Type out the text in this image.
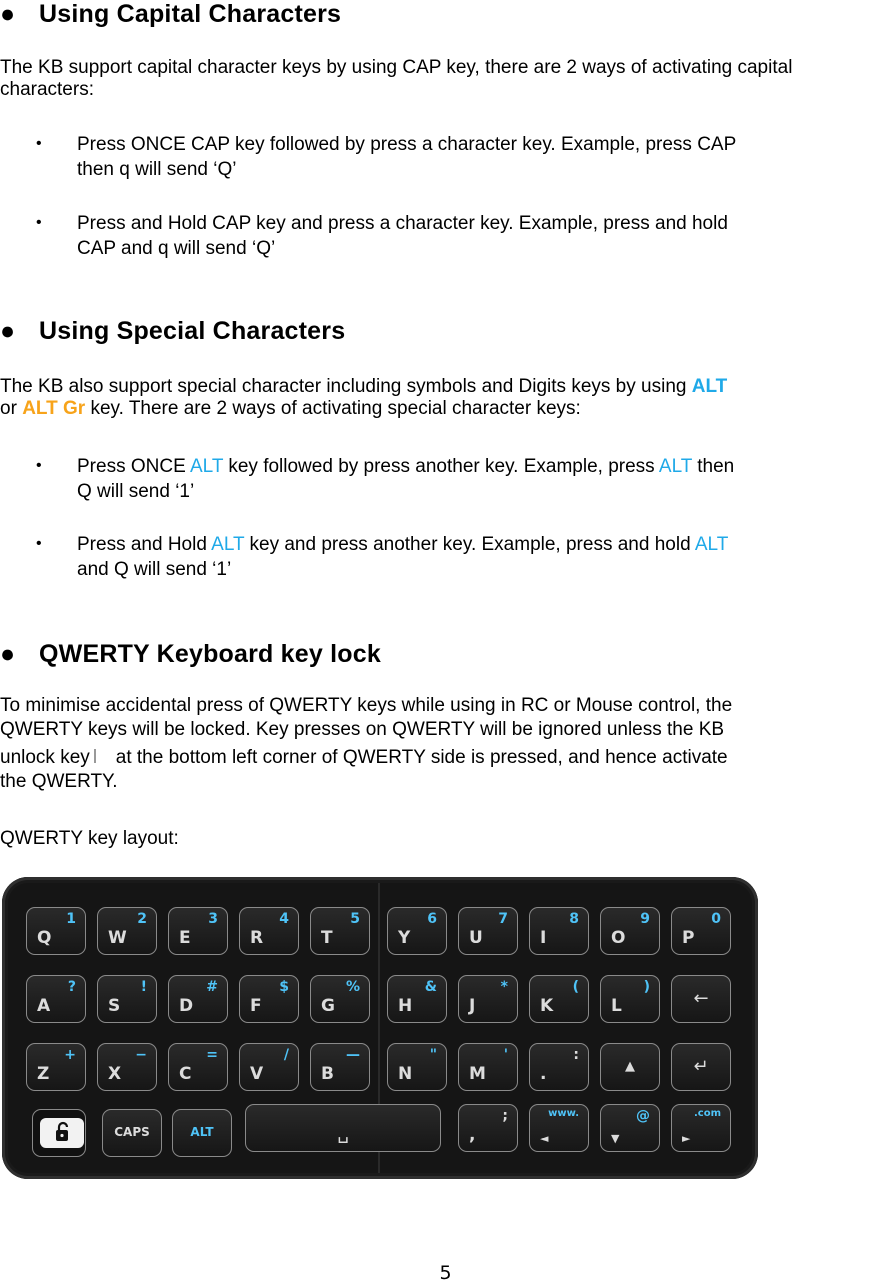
● Using Capital Characters
The KB support capital character keys by using CAP key, there are 2 ways of activating capital characters:
• Press ONCE CAP key followed by press a character key. Example, press CAP
then q will send ‘Q’
• Press and Hold CAP key and press a character key. Example, press and hold
CAP and q will send ‘Q’
● Using Special Characters
The KB also support special character including symbols and Digits keys by using ALT
or ALT Gr key. There are 2 ways of activating special character keys:
• Press ONCE ALT key followed by press another key. Example, press ALT then
Q will send ‘1’
• Press and Hold ALT key and press another key. Example, press and hold ALT
and Q will send ‘1’
● QWERTY Keyboard key lock
To minimise accidental press of QWERTY keys while using in RC or Mouse control, the
QWERTY keys will be locked. Key presses on QWERTY will be ignored unless the KB
unlock key at the bottom left corner of QWERTY side is pressed, and hence activate
the QWERTY.
QWERTY key layout:
Q
1
W
2
E
3
R
4
T
5
Y
6
U
7
I
8
O
9
P
0
A
?
S
!
D
#
F
$
G
%
H
&
J
*
K
(
L
)
←
Z
+
X
−
C
=
V
/
B
—
N
"
M
'
.
:
▲	↵
CAPS	ALT	␣	,
;	www.
◄
@
▼
.com
►
5
